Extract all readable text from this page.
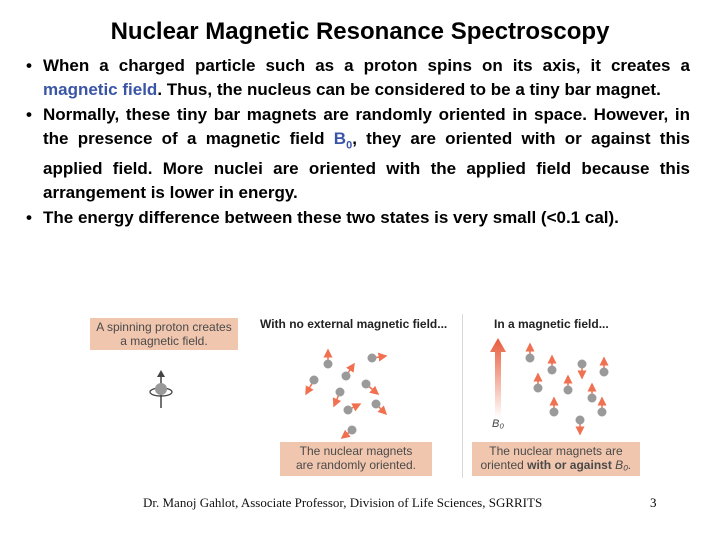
Nuclear Magnetic Resonance Spectroscopy
• When a charged particle such as a proton spins on its axis, it creates a magnetic field. Thus, the nucleus can be considered to be a tiny bar magnet.
• Normally, these tiny bar magnets are randomly oriented in space. However, in the presence of a magnetic field $B_0$, they are oriented with or against this applied field. More nuclei are oriented with the applied field because this arrangement is lower in energy.
• The energy difference between these two states is very small (<0.1 cal).
A spinning proton creates a magnetic field.
With no external magnetic field...	In a magnetic field...
B₀
The nuclear magnets are randomly oriented.
The nuclear magnets are oriented with or against B₀.
Dr. Manoj Gahlot, Associate Professor, Division of Life Sciences, SGRRITS	3
